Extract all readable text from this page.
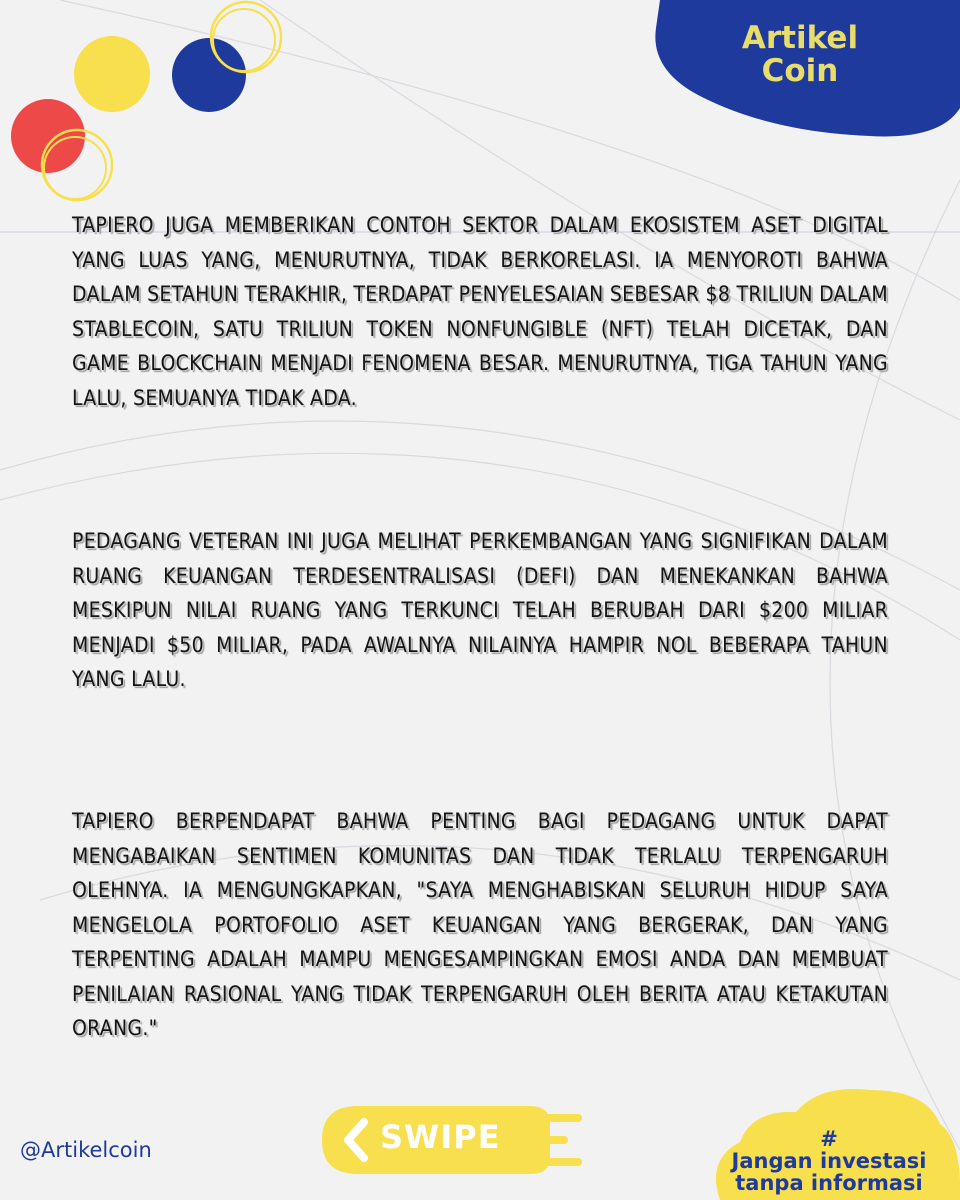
Artikel
Coin
TAPIERO JUGA MEMBERIKAN CONTOH SEKTOR DALAM EKOSISTEM ASET DIGITAL YANG LUAS YANG, MENURUTNYA, TIDAK BERKORELASI. IA MENYOROTI BAHWA DALAM SETAHUN TERAKHIR, TERDAPAT PENYELESAIAN SEBESAR $8 TRILIUN DALAM STABLECOIN, SATU TRILIUN TOKEN NONFUNGIBLE (NFT) TELAH DICETAK, DAN GAME BLOCKCHAIN MENJADI FENOMENA BESAR. MENURUTNYA, TIGA TAHUN YANG LALU, SEMUANYA TIDAK ADA.
PEDAGANG VETERAN INI JUGA MELIHAT PERKEMBANGAN YANG SIGNIFIKAN DALAM RUANG KEUANGAN TERDESENTRALISASI (DEFI) DAN MENEKANKAN BAHWA MESKIPUN NILAI RUANG YANG TERKUNCI TELAH BERUBAH DARI $200 MILIAR MENJADI $50 MILIAR, PADA AWALNYA NILAINYA HAMPIR NOL BEBERAPA TAHUN YANG LALU.
TAPIERO BERPENDAPAT BAHWA PENTING BAGI PEDAGANG UNTUK DAPAT MENGABAIKAN SENTIMEN KOMUNITAS DAN TIDAK TERLALU TERPENGARUH OLEHNYA. IA MENGUNGKAPKAN, "SAYA MENGHABISKAN SELURUH HIDUP SAYA MENGELOLA PORTOFOLIO ASET KEUANGAN YANG BERGERAK, DAN YANG TERPENTING ADALAH MAMPU MENGESAMPINGKAN EMOSI ANDA DAN MEMBUAT PENILAIAN RASIONAL YANG TIDAK TERPENGARUH OLEH BERITA ATAU KETAKUTAN ORANG."
@Artikelcoin	SWIPE	#
Jangan investasi
tanpa informasi
